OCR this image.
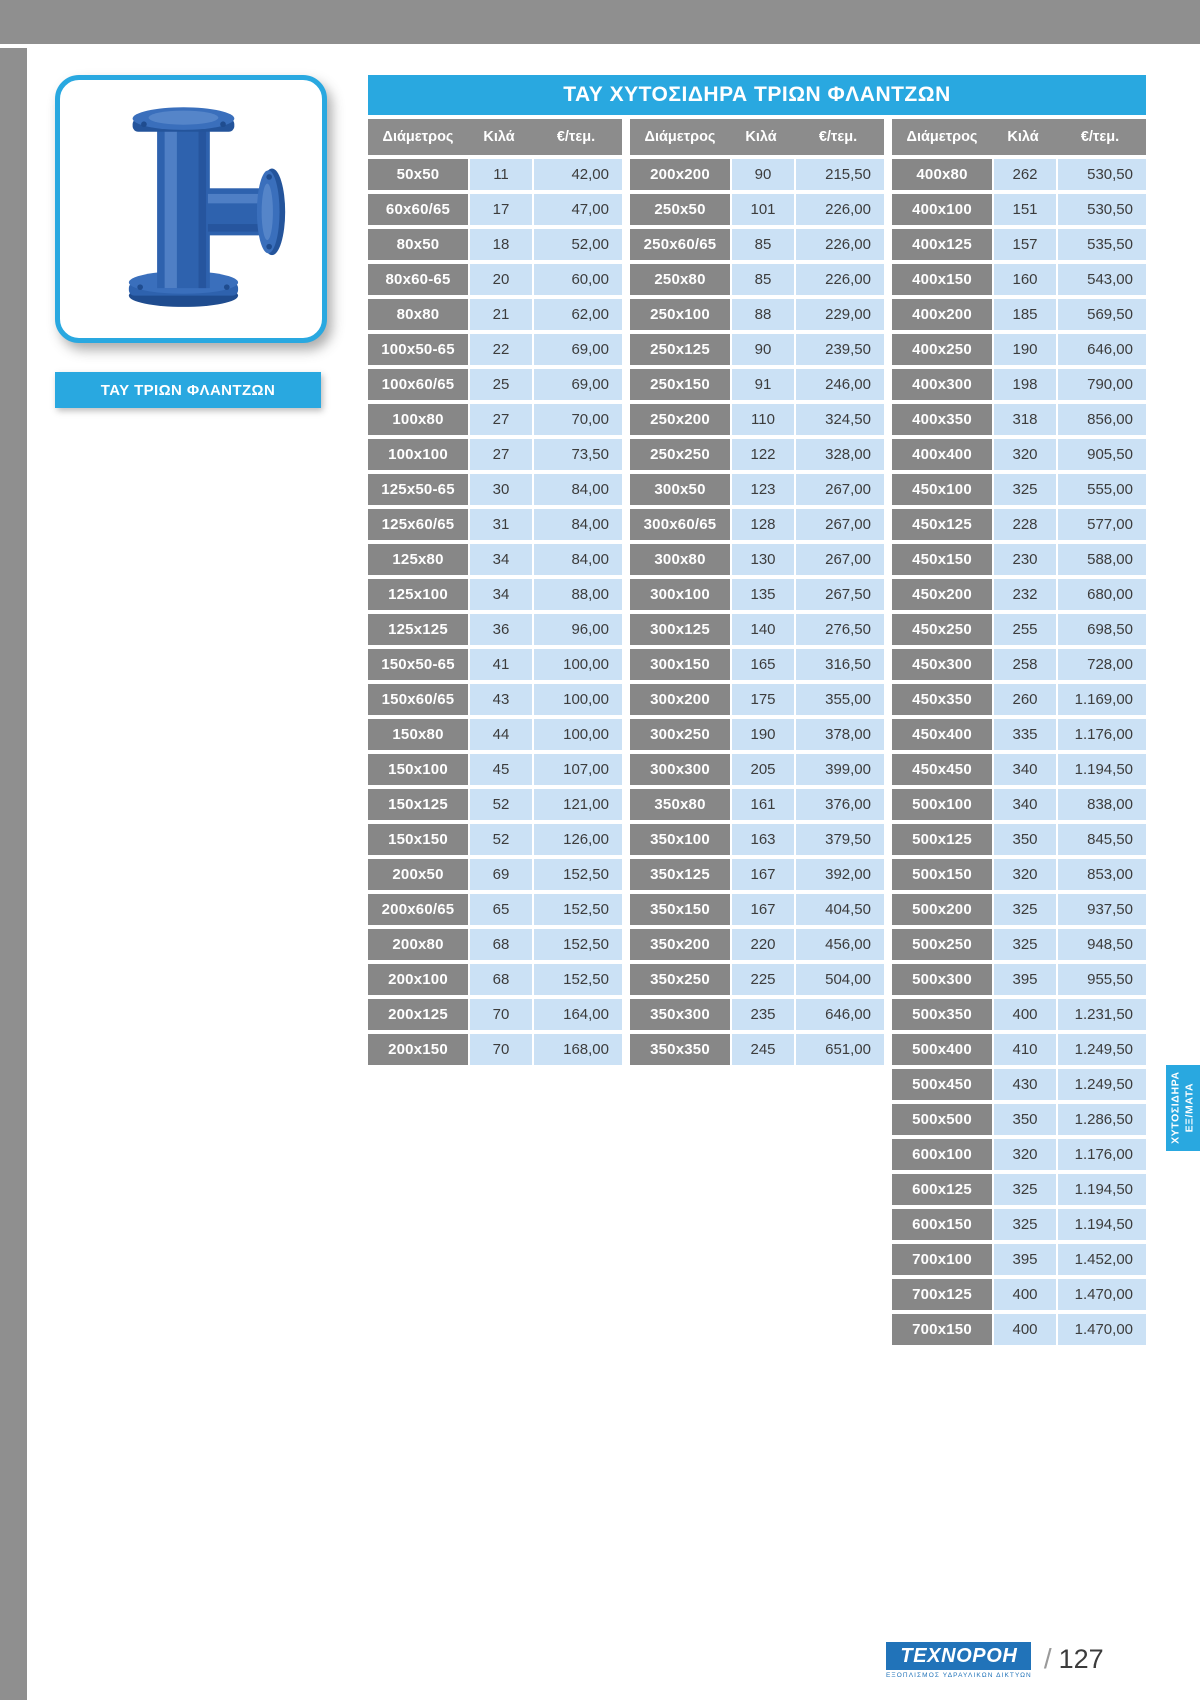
ΤΑΥ ΤΡΙΩΝ ΦΛΑΝΤΖΩΝ
ΤΑΥ ΧΥΤΟΣΙΔΗΡΑ ΤΡΙΩΝ ΦΛΑΝΤΖΩΝ
Διάμετρος	Κιλά	€/τεμ.
50x50	11	42,00
60x60/65	17	47,00
80x50	18	52,00
80x60-65	20	60,00
80x80	21	62,00
100x50-65	22	69,00
100x60/65	25	69,00
100x80	27	70,00
100x100	27	73,50
125x50-65	30	84,00
125x60/65	31	84,00
125x80	34	84,00
125x100	34	88,00
125x125	36	96,00
150x50-65	41	100,00
150x60/65	43	100,00
150x80	44	100,00
150x100	45	107,00
150x125	52	121,00
150x150	52	126,00
200x50	69	152,50
200x60/65	65	152,50
200x80	68	152,50
200x100	68	152,50
200x125	70	164,00
200x150	70	168,00
Διάμετρος	Κιλά	€/τεμ.
200x200	90	215,50
250x50	101	226,00
250x60/65	85	226,00
250x80	85	226,00
250x100	88	229,00
250x125	90	239,50
250x150	91	246,00
250x200	110	324,50
250x250	122	328,00
300x50	123	267,00
300x60/65	128	267,00
300x80	130	267,00
300x100	135	267,50
300x125	140	276,50
300x150	165	316,50
300x200	175	355,00
300x250	190	378,00
300x300	205	399,00
350x80	161	376,00
350x100	163	379,50
350x125	167	392,00
350x150	167	404,50
350x200	220	456,00
350x250	225	504,00
350x300	235	646,00
350x350	245	651,00
Διάμετρος	Κιλά	€/τεμ.
400x80	262	530,50
400x100	151	530,50
400x125	157	535,50
400x150	160	543,00
400x200	185	569,50
400x250	190	646,00
400x300	198	790,00
400x350	318	856,00
400x400	320	905,50
450x100	325	555,00
450x125	228	577,00
450x150	230	588,00
450x200	232	680,00
450x250	255	698,50
450x300	258	728,00
450x350	260	1.169,00
450x400	335	1.176,00
450x450	340	1.194,50
500x100	340	838,00
500x125	350	845,50
500x150	320	853,00
500x200	325	937,50
500x250	325	948,50
500x300	395	955,50
500x350	400	1.231,50
500x400	410	1.249,50
500x450	430	1.249,50
500x500	350	1.286,50
600x100	320	1.176,00
600x125	325	1.194,50
600x150	325	1.194,50
700x100	395	1.452,00
700x125	400	1.470,00
700x150	400	1.470,00
ΧΥΤΟΣΙΔΗΡΑ ΕΞ/ΜΑΤΑ
ΤΕΧΝΟΡΟΗ
ΕΞΟΠΛΙΣΜΟΣ ΥΔΡΑΥΛΙΚΩΝ ΔΙΚΤΥΩΝ
/ 127
